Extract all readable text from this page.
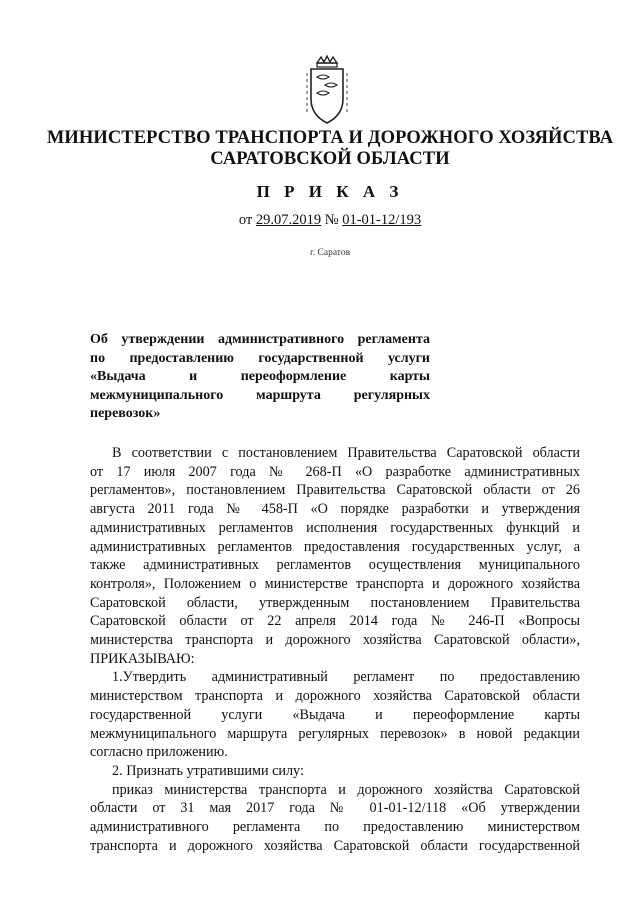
МИНИСТЕРСТВО ТРАНСПОРТА И ДОРОЖНОГО ХОЗЯЙСТВА
САРАТОВСКОЙ ОБЛАСТИ
П Р И К А З
от 29.07.2019 № 01-01-12/193
г. Саратов
Об утверждении административного регламента
по предоставлению государственной услуги
«Выдача и переоформление карты
межмуниципального маршрута регулярных
перевозок»
В соответствии с постановлением Правительства Саратовской области
от 17 июля 2007 года № 268-П «О разработке административных
регламентов», постановлением Правительства Саратовской области от 26
августа 2011 года № 458-П «О порядке разработки и утверждения
административных регламентов исполнения государственных функций и
административных регламентов предоставления государственных услуг, а
также административных регламентов осуществления муниципального
контроля», Положением о министерстве транспорта и дорожного хозяйства
Саратовской области, утвержденным постановлением Правительства
Саратовской области от 22 апреля 2014 года № 246-П «Вопросы
министерства транспорта и дорожного хозяйства Саратовской области»,
ПРИКАЗЫВАЮ:
1.Утвердить административный регламент по предоставлению
министерством транспорта и дорожного хозяйства Саратовской области
государственной услуги «Выдача и переоформление карты
межмуниципального маршрута регулярных перевозок» в новой редакции
согласно приложению.
2. Признать утратившими силу:
приказ министерства транспорта и дорожного хозяйства Саратовской
области от 31 мая 2017 года № 01-01-12/118 «Об утверждении
административного регламента по предоставлению министерством
транспорта и дорожного хозяйства Саратовской области государственной
